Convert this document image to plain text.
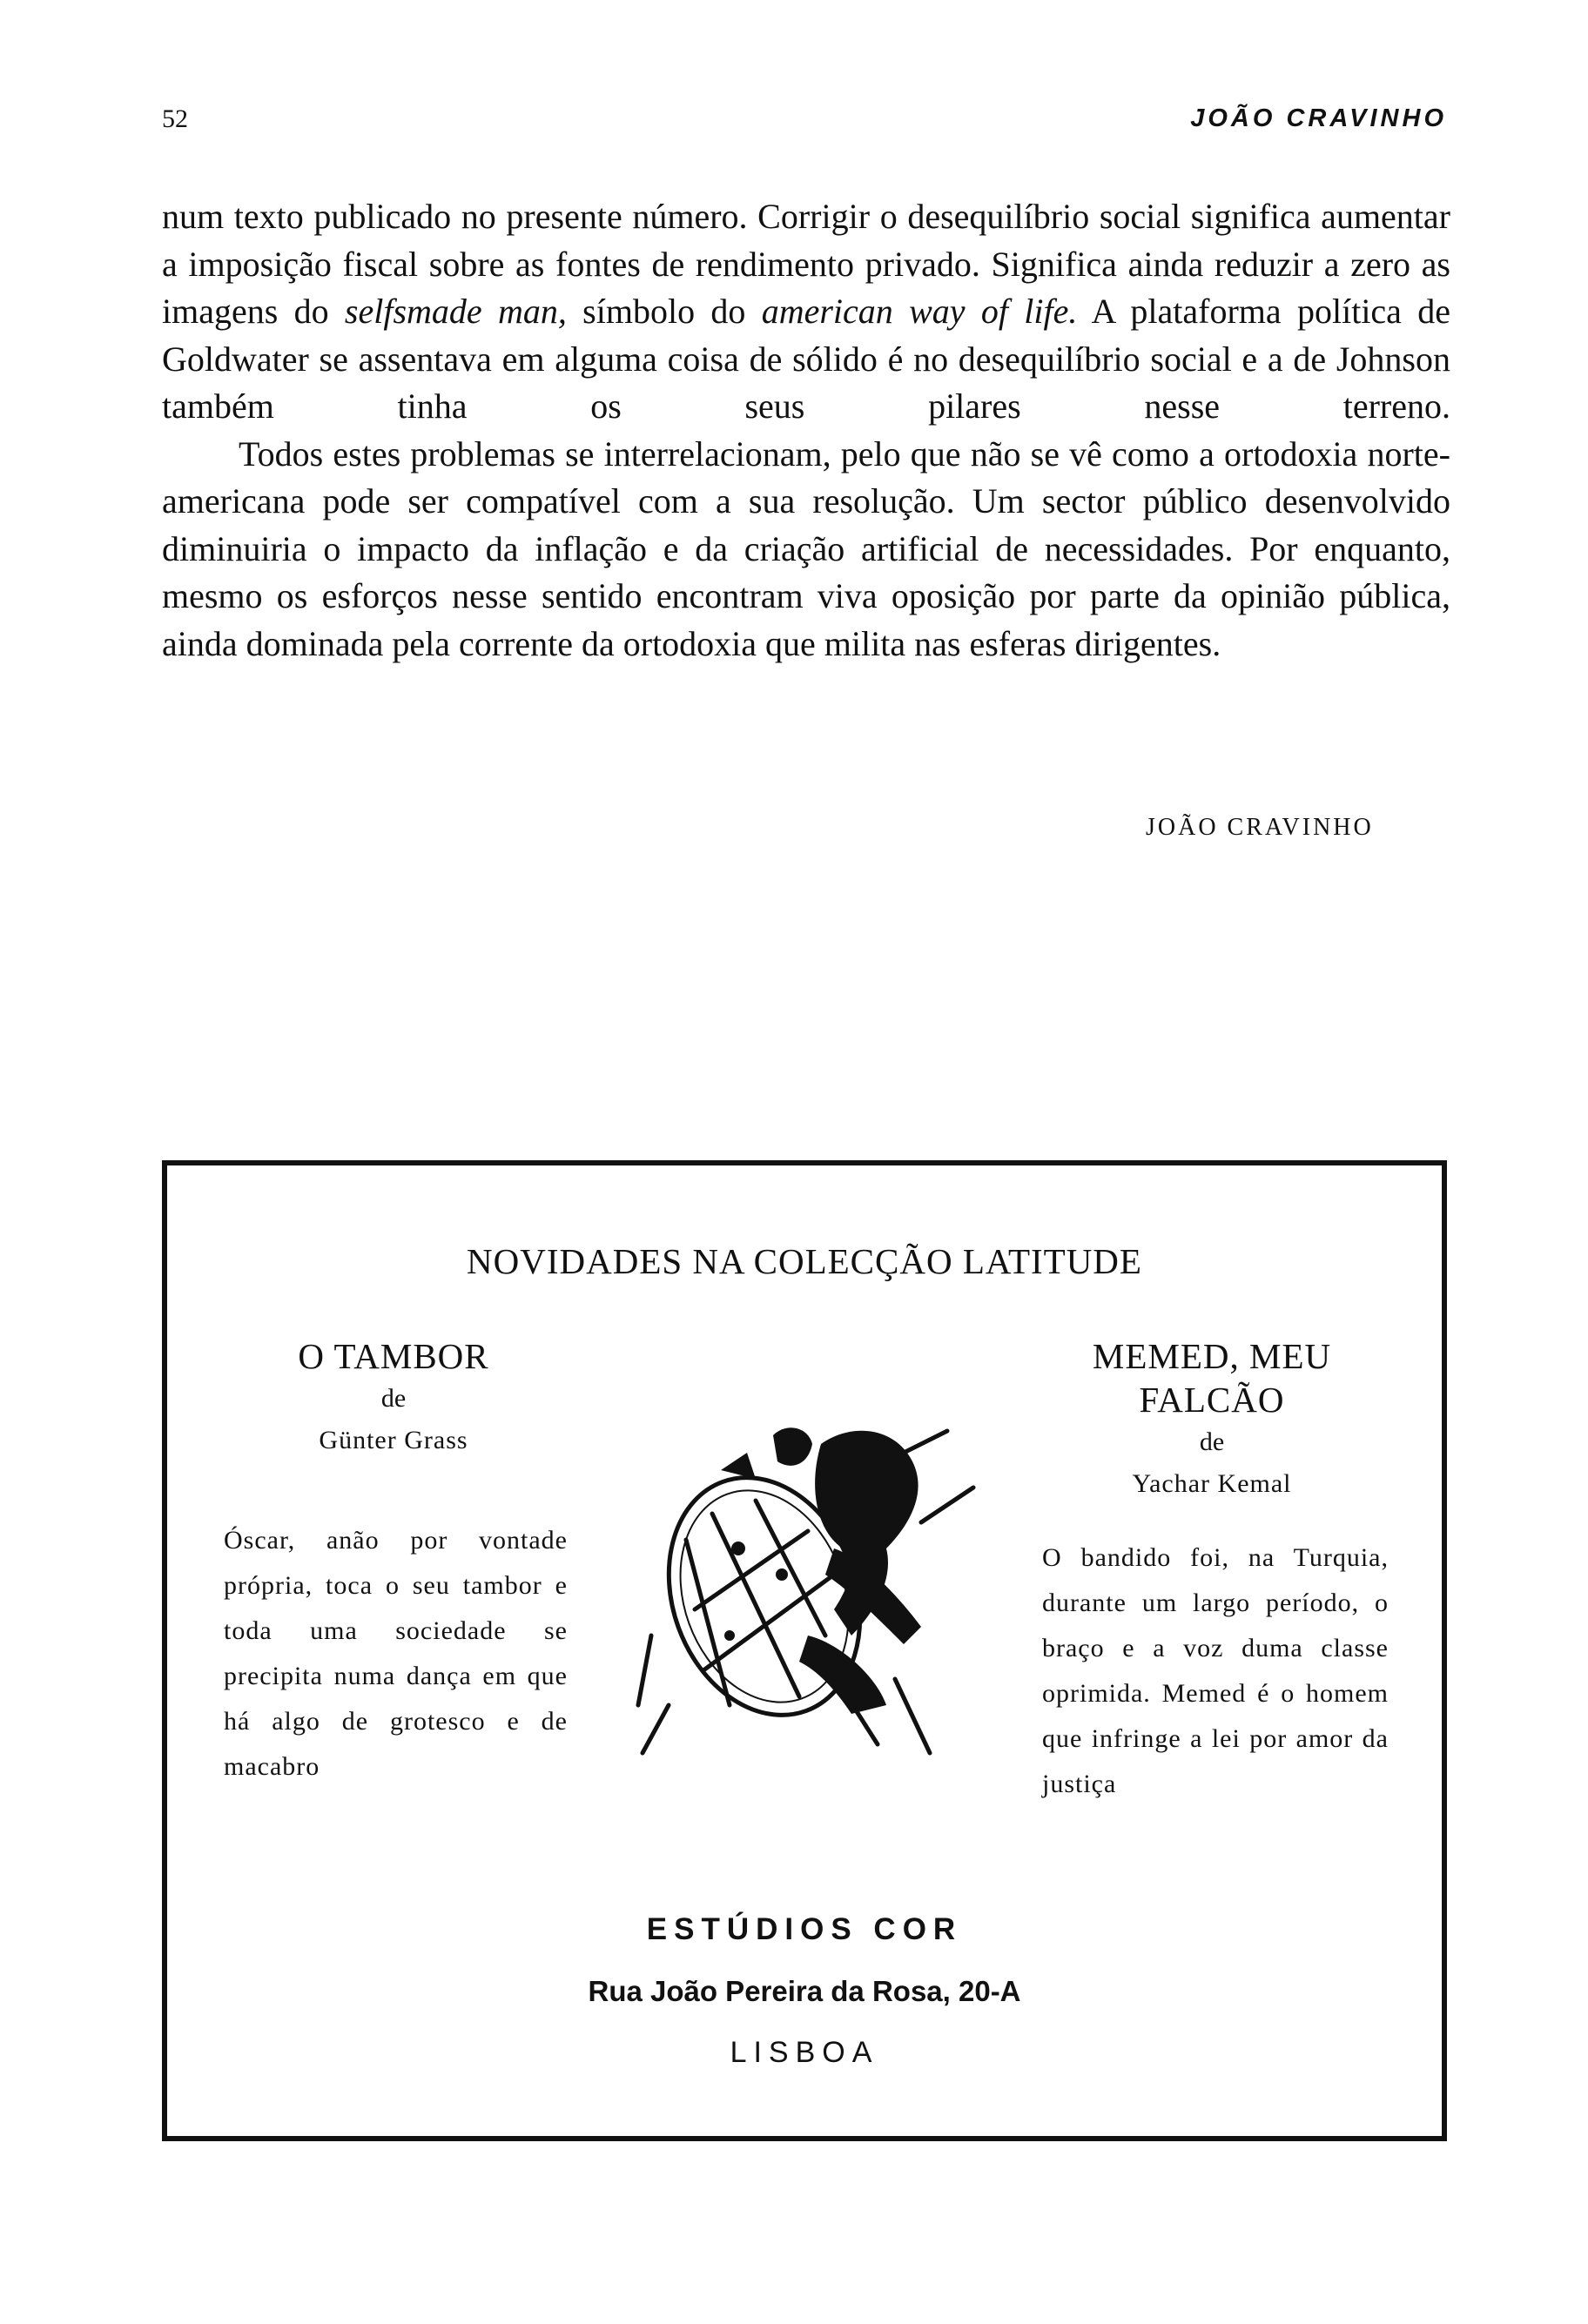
52	JOÃO CRAVINHO

num texto publicado no presente número. Corrigir o desequilíbrio social significa aumentar a imposição fiscal sobre as fontes de rendimento privado. Significa ainda reduzir a zero as imagens do selfsmade man, símbolo do american way of life. A plataforma política de Goldwater se assentava em alguma coisa de sólido é no desequilíbrio social e a de Johnson também tinha os seus pilares nesse terreno.

Todos estes problemas se interrelacionam, pelo que não se vê como a ortodoxia norte-americana pode ser compatível com a sua resolução. Um sector público desenvolvido diminuiria o impacto da inflação e da criação artificial de necessidades. Por enquanto, mesmo os esforços nesse sentido encontram viva oposição por parte da opinião pública, ainda dominada pela corrente da ortodoxia que milita nas esferas dirigentes.

JOÃO CRAVINHO
NOVIDADES NA COLECÇÃO LATITUDE
O TAMBOR
de
Günter Grass

Óscar, anão por vontade própria, toca o seu tambor e toda uma sociedade se precipita numa dança em que há algo de grotesco e de macabro

MEMED, MEU FALCÃO
de
Yachar Kemal

O bandido foi, na Turquia, durante um largo período, o braço e a voz duma classe oprimida. Memed é o homem que infringe a lei por amor da justiça

ESTÚDIOS COR
Rua João Pereira da Rosa, 20-A
LISBOA
